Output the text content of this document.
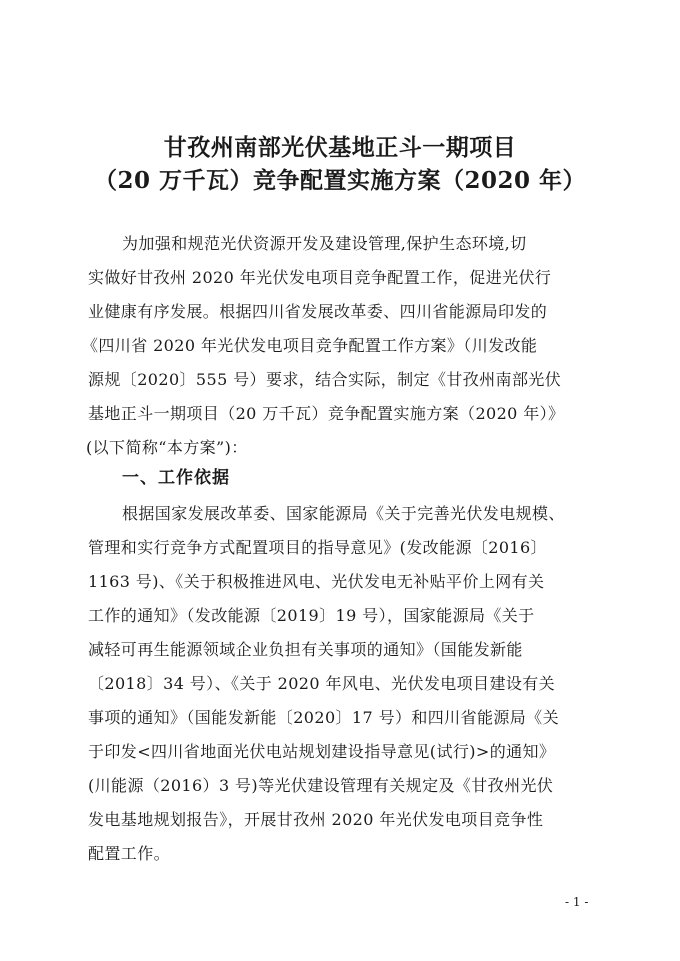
甘孜州南部光伏基地正斗一期项目
（20 万千瓦）竞争配置实施方案（2020 年）
为加强和规范光伏资源开发及建设管理,保护生态环境,切
实做好甘孜州 2020 年光伏发电项目竞争配置工作，促进光伏行
业健康有序发展。根据四川省发展改革委、四川省能源局印发的
《四川省 2020 年光伏发电项目竞争配置工作方案》（川发改能
源规〔2020〕555 号）要求，结合实际，制定《甘孜州南部光伏
基地正斗一期项目（20 万千瓦）竞争配置实施方案（2020 年）》
(以下简称“本方案”)：
一、工作依据
根据国家发展改革委、国家能源局《关于完善光伏发电规模、
管理和实行竞争方式配置项目的指导意见》(发改能源〔2016〕
1163 号)、《关于积极推进风电、光伏发电无补贴平价上网有关
工作的通知》（发改能源〔2019〕19 号），国家能源局《关于
减轻可再生能源领域企业负担有关事项的通知》（国能发新能
〔2018〕34 号）、《关于 2020 年风电、光伏发电项目建设有关
事项的通知》（国能发新能〔2020〕17 号）和四川省能源局《关
于印发<四川省地面光伏电站规划建设指导意见(试行)>的通知》
(川能源（2016）3 号)等光伏建设管理有关规定及《甘孜州光伏
发电基地规划报告》，开展甘孜州 2020 年光伏发电项目竞争性
配置工作。
- 1 -
